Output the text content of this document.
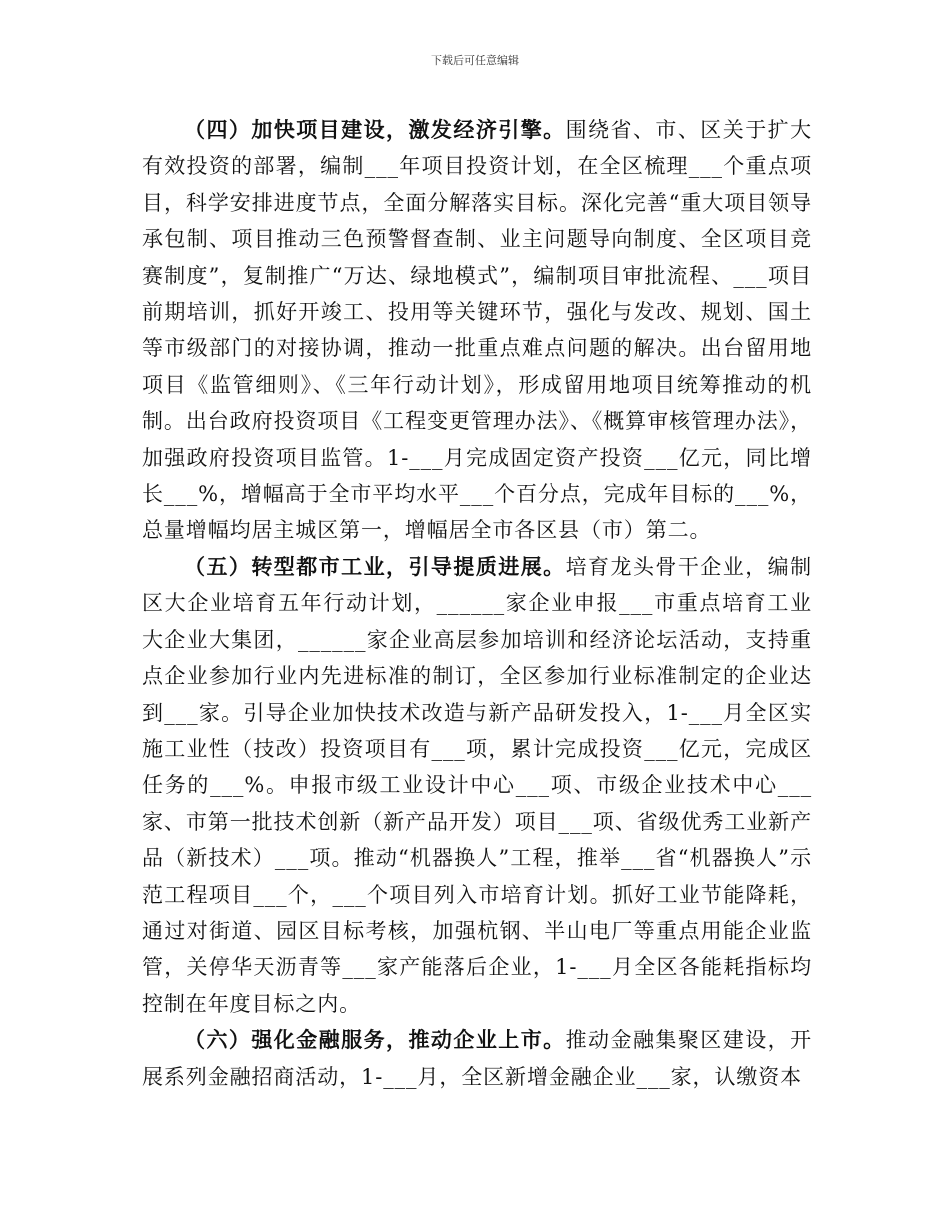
下载后可任意编辑

（四）加快项目建设，激发经济引擎。围绕省、市、区关于扩大有效投资的部署，编制___年项目投资计划，在全区梳理___个重点项目，科学安排进度节点，全面分解落实目标。深化完善“重大项目领导承包制、项目推动三色预警督查制、业主问题导向制度、全区项目竞赛制度”，复制推广“万达、绿地模式”，编制项目审批流程、___项目前期培训，抓好开竣工、投用等关键环节，强化与发改、规划、国土等市级部门的对接协调，推动一批重点难点问题的解决。出台留用地项目《监管细则》、《三年行动计划》，形成留用地项目统筹推动的机制。出台政府投资项目《工程变更管理办法》、《概算审核管理办法》，加强政府投资项目监管。1-___月完成固定资产投资___亿元，同比增长___%，增幅高于全市平均水平___个百分点，完成年目标的___%，总量增幅均居主城区第一，增幅居全市各区县（市）第二。

（五）转型都市工业，引导提质进展。培育龙头骨干企业，编制区大企业培育五年行动计划，______家企业申报___市重点培育工业大企业大集团，______家企业高层参加培训和经济论坛活动，支持重点企业参加行业内先进标准的制订，全区参加行业标准制定的企业达到___家。引导企业加快技术改造与新产品研发投入，1-___月全区实施工业性（技改）投资项目有___项，累计完成投资___亿元，完成区任务的___%。申报市级工业设计中心___项、市级企业技术中心___家、市第一批技术创新（新产品开发）项目___项、省级优秀工业新产品（新技术）___项。推动“机器换人”工程，推举___省“机器换人”示范工程项目___个，___个项目列入市培育计划。抓好工业节能降耗，通过对街道、园区目标考核，加强杭钢、半山电厂等重点用能企业监管，关停华天沥青等___家产能落后企业，1-___月全区各能耗指标均控制在年度目标之内。

（六）强化金融服务，推动企业上市。推动金融集聚区建设，开展系列金融招商活动，1-___月，全区新增金融企业___家，认缴资本
